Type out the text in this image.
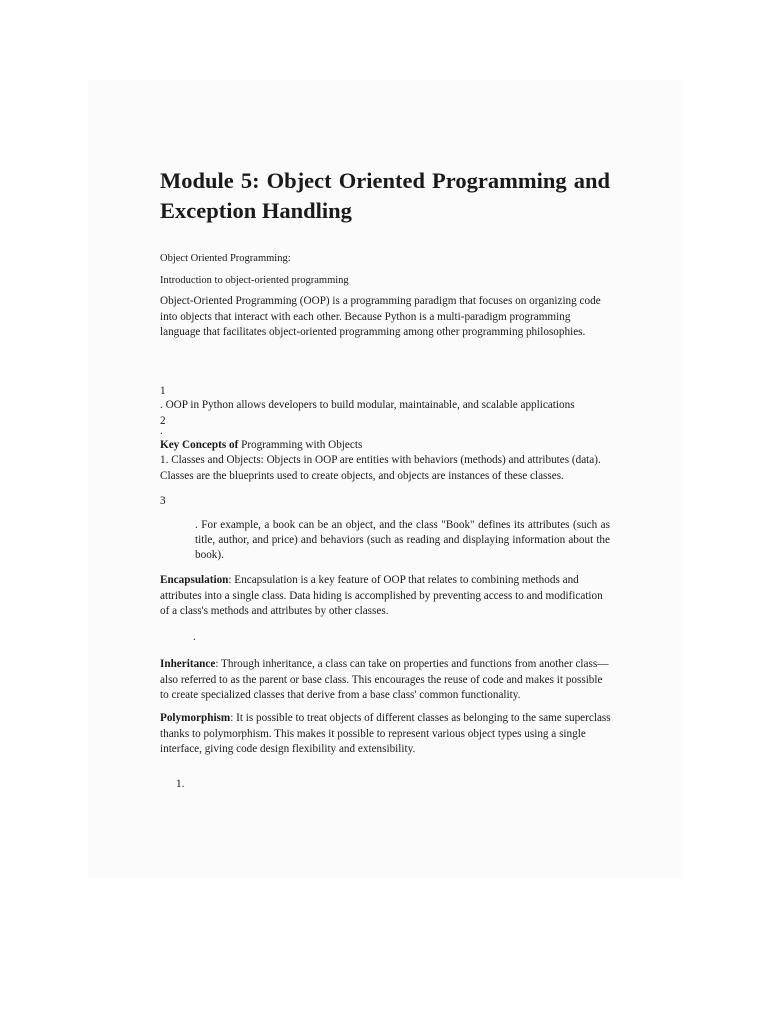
Module 5: Object Oriented Programming and Exception Handling
Object Oriented Programming:
Introduction to object-oriented programming

Object-Oriented Programming (OOP) is a programming paradigm that focuses on organizing code into objects that interact with each other. Because Python is a multi-paradigm programming language that facilitates object-oriented programming among other programming philosophies.

1
. OOP in Python allows developers to build modular, maintainable, and scalable applications
2
.

Key Concepts of Programming with Objects

1. Classes and Objects: Objects in OOP are entities with behaviors (methods) and attributes (data). Classes are the blueprints used to create objects, and objects are instances of these classes.

3

. For example, a book can be an object, and the class "Book" defines its attributes (such as title, author, and price) and behaviors (such as reading and displaying information about the book).

Encapsulation: Encapsulation is a key feature of OOP that relates to combining methods and attributes into a single class. Data hiding is accomplished by preventing access to and modification of a class's methods and attributes by other classes.

.

Inheritance: Through inheritance, a class can take on properties and functions from another class—also referred to as the parent or base class. This encourages the reuse of code and makes it possible to create specialized classes that derive from a base class' common functionality.

Polymorphism: It is possible to treat objects of different classes as belonging to the same superclass thanks to polymorphism. This makes it possible to represent various object types using a single interface, giving code design flexibility and extensibility.

1.
